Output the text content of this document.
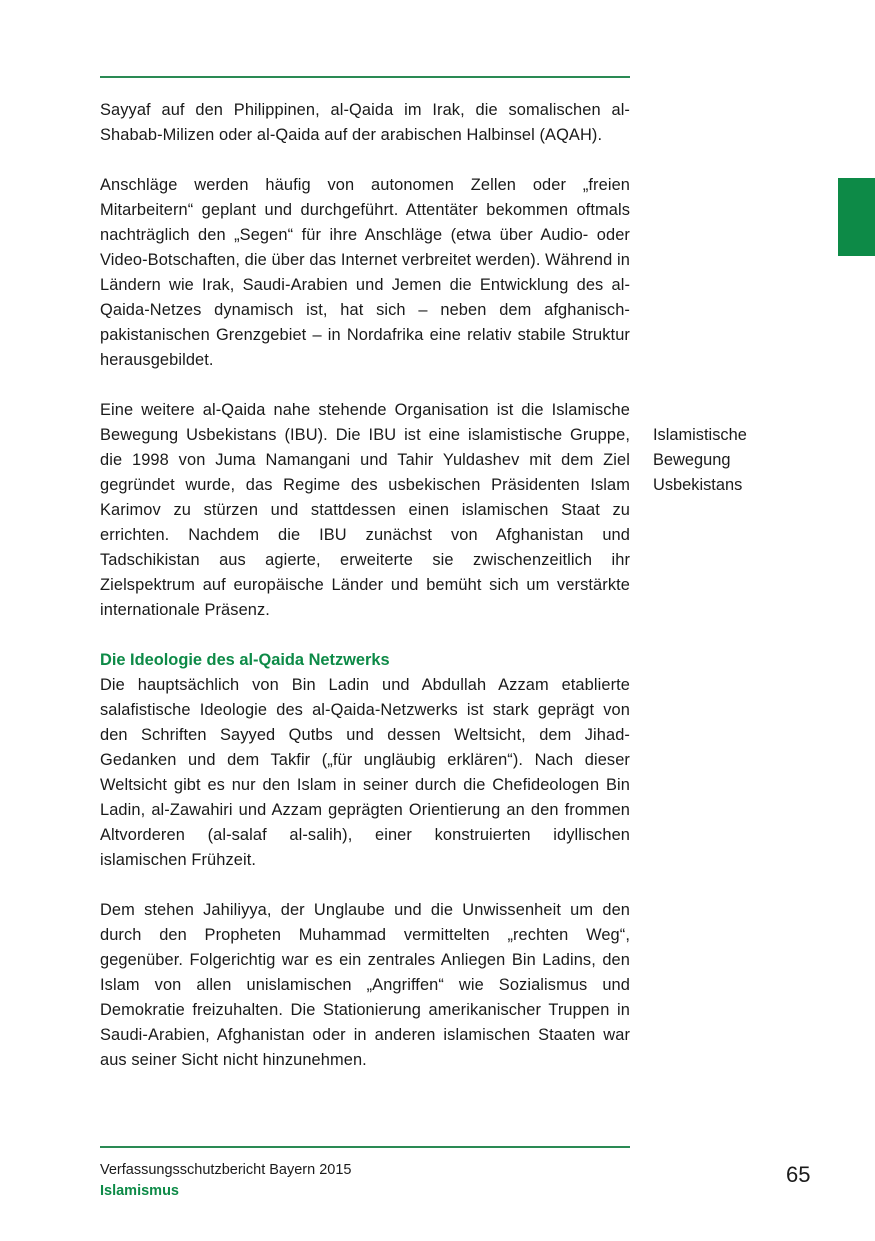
Sayyaf auf den Philippinen, al-Qaida im Irak, die somalischen al-Shabab-Milizen oder al-Qaida auf der arabischen Halbinsel (AQAH).

Anschläge werden häufig von autonomen Zellen oder „freien Mitarbeitern“ geplant und durchgeführt. Attentäter bekommen oftmals nachträglich den „Segen“ für ihre Anschläge (etwa über Audio- oder Video-Botschaften, die über das Internet verbreitet werden). Während in Ländern wie Irak, Saudi-Arabien und Jemen die Entwicklung des al-Qaida-Netzes dynamisch ist, hat sich – neben dem afghanisch-pakistanischen Grenzgebiet – in Nordafrika eine relativ stabile Struktur herausgebildet.

Eine weitere al-Qaida nahe stehende Organisation ist die Islamische Bewegung Usbekistans (IBU). Die IBU ist eine islamistische Gruppe, die 1998 von Juma Namangani und Tahir Yuldashev mit dem Ziel gegründet wurde, das Regime des usbekischen Präsidenten Islam Karimov zu stürzen und stattdessen einen islamischen Staat zu errichten. Nachdem die IBU zunächst von Afghanistan und Tadschikistan aus agierte, erweiterte sie zwischenzeitlich ihr Zielspektrum auf europäische Länder und bemüht sich um verstärkte internationale Präsenz.

Die Ideologie des al-Qaida Netzwerks

Die hauptsächlich von Bin Ladin und Abdullah Azzam etablierte salafistische Ideologie des al-Qaida-Netzwerks ist stark geprägt von den Schriften Sayyed Qutbs und dessen Weltsicht, dem Jihad-Gedanken und dem Takfir („für ungläubig erklären“). Nach dieser Weltsicht gibt es nur den Islam in seiner durch die Chefideologen Bin Ladin, al-Zawahiri und Azzam geprägten Orientierung an den frommen Altvorderen (al-salaf al-salih), einer konstruierten idyllischen islamischen Frühzeit.

Dem stehen Jahiliyya, der Unglaube und die Unwissenheit um den durch den Propheten Muhammad vermittelten „rechten Weg“, gegenüber. Folgerichtig war es ein zentrales Anliegen Bin Ladins, den Islam von allen unislamischen „Angriffen“ wie Sozialismus und Demokratie freizuhalten. Die Stationierung amerikanischer Truppen in Saudi-Arabien, Afghanistan oder in anderen islamischen Staaten war aus seiner Sicht nicht hinzunehmen.

Islamistische
Bewegung
Usbekistans
Verfassungsschutzbericht Bayern 2015
Islamismus
65
